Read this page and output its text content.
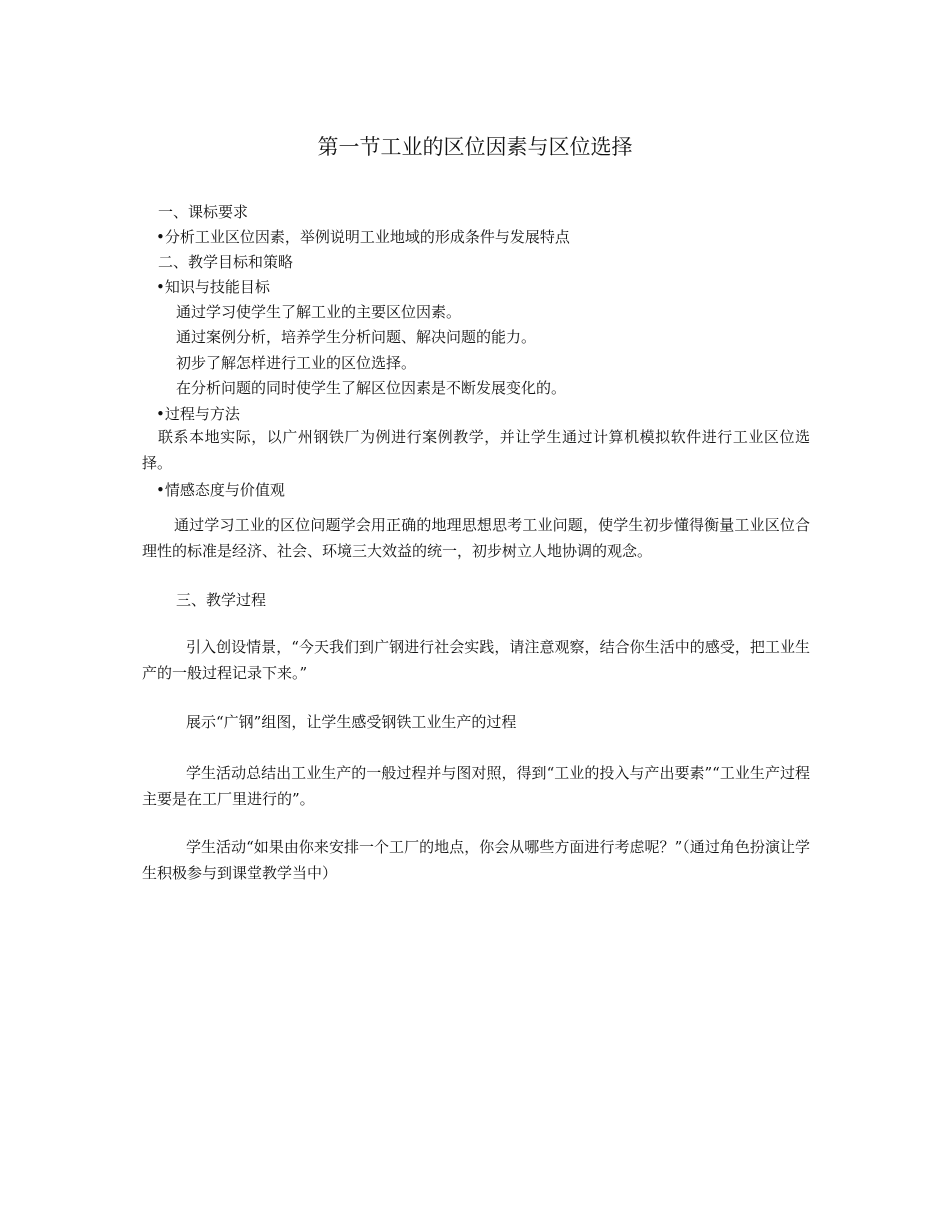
第一节工业的区位因素与区位选择
一、课标要求
•分析工业区位因素，举例说明工业地域的形成条件与发展特点
二、教学目标和策略
•知识与技能目标
通过学习使学生了解工业的主要区位因素。
通过案例分析，培养学生分析问题、解决问题的能力。
初步了解怎样进行工业的区位选择。
在分析问题的同时使学生了解区位因素是不断发展变化的。
•过程与方法
联系本地实际，以广州钢铁厂为例进行案例教学，并让学生通过计算机模拟软件进行工业区位选择。
•情感态度与价值观
通过学习工业的区位问题学会用正确的地理思想思考工业问题，使学生初步懂得衡量工业区位合理性的标准是经济、社会、环境三大效益的统一，初步树立人地协调的观念。
三、教学过程
引入创设情景，“今天我们到广钢进行社会实践，请注意观察，结合你生活中的感受，把工业生产的一般过程记录下来。”
展示“广钢”组图，让学生感受钢铁工业生产的过程
学生活动总结出工业生产的一般过程并与图对照，得到“工业的投入与产出要素”“工业生产过程主要是在工厂里进行的”。
学生活动“如果由你来安排一个工厂的地点，你会从哪些方面进行考虑呢？”（通过角色扮演让学生积极参与到课堂教学当中）
